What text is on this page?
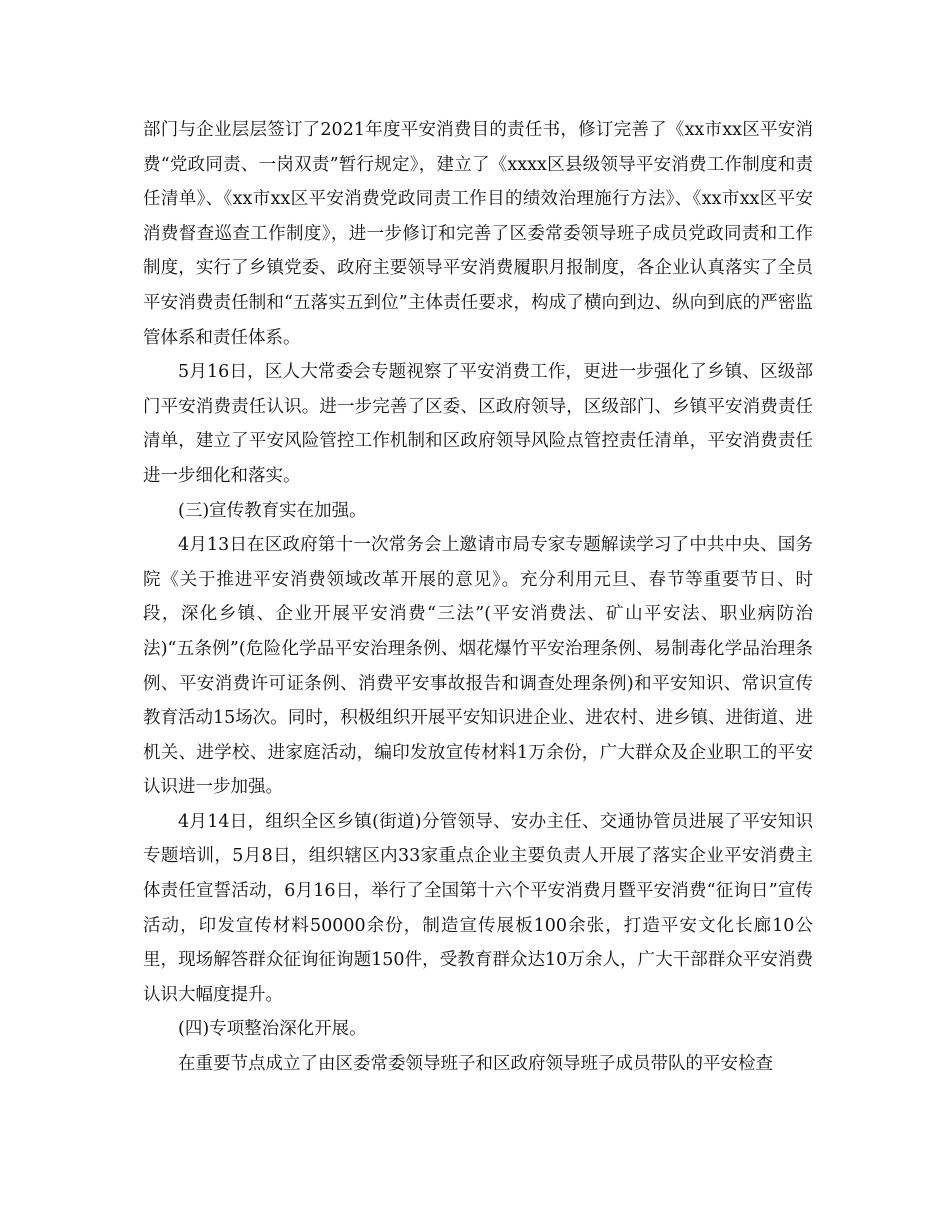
部门与企业层层签订了2021年度平安消费目的责任书，修订完善了《xx市xx区平安消费“党政同责、一岗双责”暂行规定》，建立了《xxxx区县级领导平安消费工作制度和责任清单》、《xx市xx区平安消费党政同责工作目的绩效治理施行方法》、《xx市xx区平安消费督查巡查工作制度》，进一步修订和完善了区委常委领导班子成员党政同责和工作制度，实行了乡镇党委、政府主要领导平安消费履职月报制度，各企业认真落实了全员平安消费责任制和“五落实五到位”主体责任要求，构成了横向到边、纵向到底的严密监管体系和责任体系。

5月16日，区人大常委会专题视察了平安消费工作，更进一步强化了乡镇、区级部门平安消费责任认识。进一步完善了区委、区政府领导，区级部门、乡镇平安消费责任清单，建立了平安风险管控工作机制和区政府领导风险点管控责任清单，平安消费责任进一步细化和落实。

(三)宣传教育实在加强。

4月13日在区政府第十一次常务会上邀请市局专家专题解读学习了中共中央、国务院《关于推进平安消费领域改革开展的意见》。充分利用元旦、春节等重要节日、时段，深化乡镇、企业开展平安消费“三法”(平安消费法、矿山平安法、职业病防治法)“五条例”(危险化学品平安治理条例、烟花爆竹平安治理条例、易制毒化学品治理条例、平安消费许可证条例、消费平安事故报告和调查处理条例)和平安知识、常识宣传教育活动15场次。同时，积极组织开展平安知识进企业、进农村、进乡镇、进街道、进机关、进学校、进家庭活动，编印发放宣传材料1万余份，广大群众及企业职工的平安认识进一步加强。

4月14日，组织全区乡镇(街道)分管领导、安办主任、交通协管员进展了平安知识专题培训，5月8日，组织辖区内33家重点企业主要负责人开展了落实企业平安消费主体责任宣誓活动，6月16日，举行了全国第十六个平安消费月暨平安消费“征询日”宣传活动，印发宣传材料50000余份，制造宣传展板100余张，打造平安文化长廊10公里，现场解答群众征询征询题150件，受教育群众达10万余人，广大干部群众平安消费认识大幅度提升。

(四)专项整治深化开展。

在重要节点成立了由区委常委领导班子和区政府领导班子成员带队的平安检查
